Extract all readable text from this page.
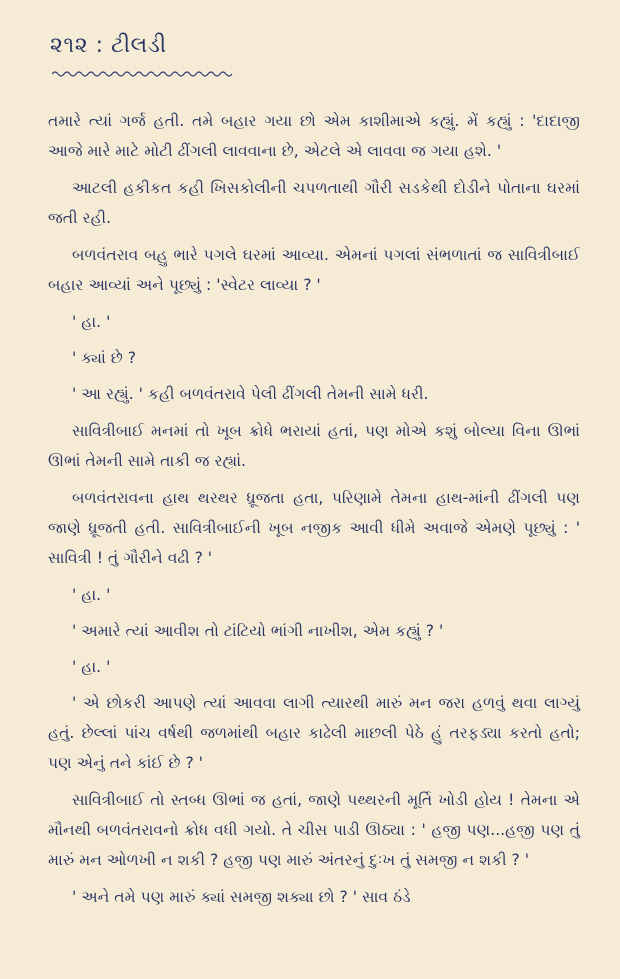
૨૧૨ : ટીલડી

તમારે ત્યાં ગર્જ હતી. તમે બહાર ગયા છો એમ કાશીમાએ કહ્યું. મેં કહ્યું : 'દાદાજી આજે મારે માટે મોટી ઢીંગલી લાવવાના છે, એટલે એ લાવવા જ ગયા હશે. '

આટલી હકીકત કહી ખિસકોલીની ચપળતાથી ગૌરી સડકેથી દોડીને પોતાના ઘરમાં જતી રહી.

બળવંતરાવ બહુ ભારે પગલે ઘરમાં આવ્યા. એમનાં પગલાં સંભળાતાં જ સાવિત્રીબાઈ બહાર આવ્યાં અને પૂછ્યું : 'સ્વેટર લાવ્યા ? '

' હા. '

' ક્યાં છે ?

' આ રહ્યું. ' કહી બળવંતરાવે પેલી ઢીંગલી તેમની સામે ધરી.

સાવિત્રીબાઈ મનમાં તો ખૂબ ક્રોધે ભરાયાં હતાં, પણ મોએ કશું બોલ્યા વિના ઊભાં ઊભાં તેમની સામે તાકી જ રહ્યાં.

બળવંતરાવના હાથ થરથર ધ્રૂજતા હતા, પરિણામે તેમના હાથ-માંની ઢીંગલી પણ જાણે ધ્રૂજતી હતી. સાવિત્રીબાઈની ખૂબ નજીક આવી ધીમે અવાજે એમણે પૂછ્યું : ' સાવિત્રી ! તું ગૌરીને વઢી ? '

' હા. '

' અમારે ત્યાં આવીશ તો ટાંટિયો ભાંગી નાખીશ, એમ કહ્યું ? '

' હા. '

' એ છોકરી આપણે ત્યાં આવવા લાગી ત્યારથી મારું મન જરા હળવું થવા લાગ્યું હતું. છેલ્લાં પાંચ વર્ષથી જળમાંથી બહાર કાઢેલી માછલી પેઠે હું તરફડ્યા કરતો હતો; પણ એનું તને કાંઈ છે ? '

સાવિત્રીબાઈ તો સ્તબ્ધ ઊભાં જ હતાં, જાણે પથ્થરની મૂર્તિ ખોડી હોય ! તેમના એ મૌનથી બળવંતરાવનો ક્રોધ વધી ગયો. તે ચીસ પાડી ઊઠ્યા : ' હજી પણ...હજી પણ તું મારું મન ઓળખી ન શકી ? હજી પણ મારું અંતરનું દુઃખ તું સમજી ન શકી ? '

' અને તમે પણ મારું ક્યાં સમજી શક્યા છો ? ' સાવ ઠંડે
